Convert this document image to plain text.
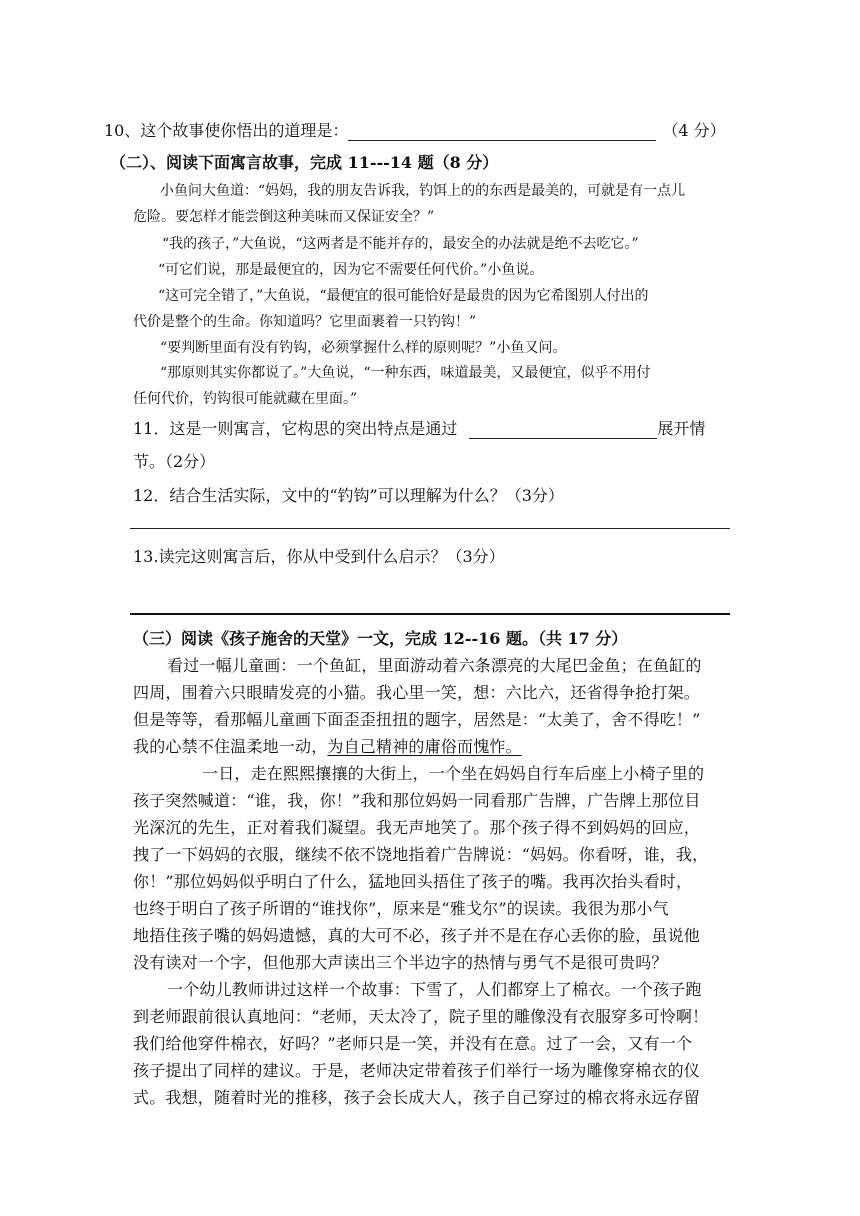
10、这个故事使你悟出的道理是：	（4 分）
（二）、阅读下面寓言故事，完成 11---14 题（8 分）
小鱼问大鱼道：“妈妈，我的朋友告诉我，钓饵上的的东西是最美的，可就是有一点儿
危险。要怎样才能尝倒这种美味而又保证安全？”
“我的孩子，”大鱼说，“这两者是不能并存的，最安全的办法就是绝不去吃它。”
“可它们说，那是最便宜的，因为它不需要任何代价。”小鱼说。
“这可完全错了，”大鱼说，“最便宜的很可能恰好是最贵的因为它希图别人付出的
代价是整个的生命。你知道吗？它里面裹着一只钓钩！”
“要判断里面有没有钓钩，必须掌握什么样的原则呢？”小鱼又问。
“那原则其实你都说了。”大鱼说，“一种东西，味道最美，又最便宜，似乎不用付
任何代价，钓钩很可能就藏在里面。”
11．这是一则寓言，它构思的突出特点是通过	展开情
节。（2分）
12．结合生活实际，文中的“钓钩”可以理解为什么？（3分）
13.读完这则寓言后，你从中受到什么启示？（3分）
（三）阅读《孩子施舍的天堂》一文，完成 12--16 题。（共 17 分）
看过一幅儿童画：一个鱼缸，里面游动着六条漂亮的大尾巴金鱼；在鱼缸的
四周，围着六只眼睛发亮的小猫。我心里一笑，想：六比六，还省得争抢打架。
但是等等，看那幅儿童画下面歪歪扭扭的题字，居然是：“太美了，舍不得吃！”
我的心禁不住温柔地一动，为自己精神的庸俗而愧怍。
一日，走在熙熙攘攘的大街上，一个坐在妈妈自行车后座上小椅子里的
孩子突然喊道：“谁，我，你！”我和那位妈妈一同看那广告牌，广告牌上那位目
光深沉的先生，正对着我们凝望。我无声地笑了。那个孩子得不到妈妈的回应，
拽了一下妈妈的衣服，继续不依不饶地指着广告牌说：“妈妈。你看呀，谁，我，
你！”那位妈妈似乎明白了什么，猛地回头捂住了孩子的嘴。我再次抬头看时，
也终于明白了孩子所谓的“谁找你”，原来是“雅戈尔”的误读。我很为那小气
地捂住孩子嘴的妈妈遗憾，真的大可不必，孩子并不是在存心丢你的脸，虽说他
没有读对一个字，但他那大声读出三个半边字的热情与勇气不是很可贵吗？
一个幼儿教师讲过这样一个故事：下雪了，人们都穿上了棉衣。一个孩子跑
到老师跟前很认真地问：“老师，天太冷了，院子里的雕像没有衣服穿多可怜啊！
我们给他穿件棉衣，好吗？”老师只是一笑，并没有在意。过了一会，又有一个
孩子提出了同样的建议。于是，老师决定带着孩子们举行一场为雕像穿棉衣的仪
式。我想，随着时光的推移，孩子会长成大人，孩子自己穿过的棉衣将永远存留
